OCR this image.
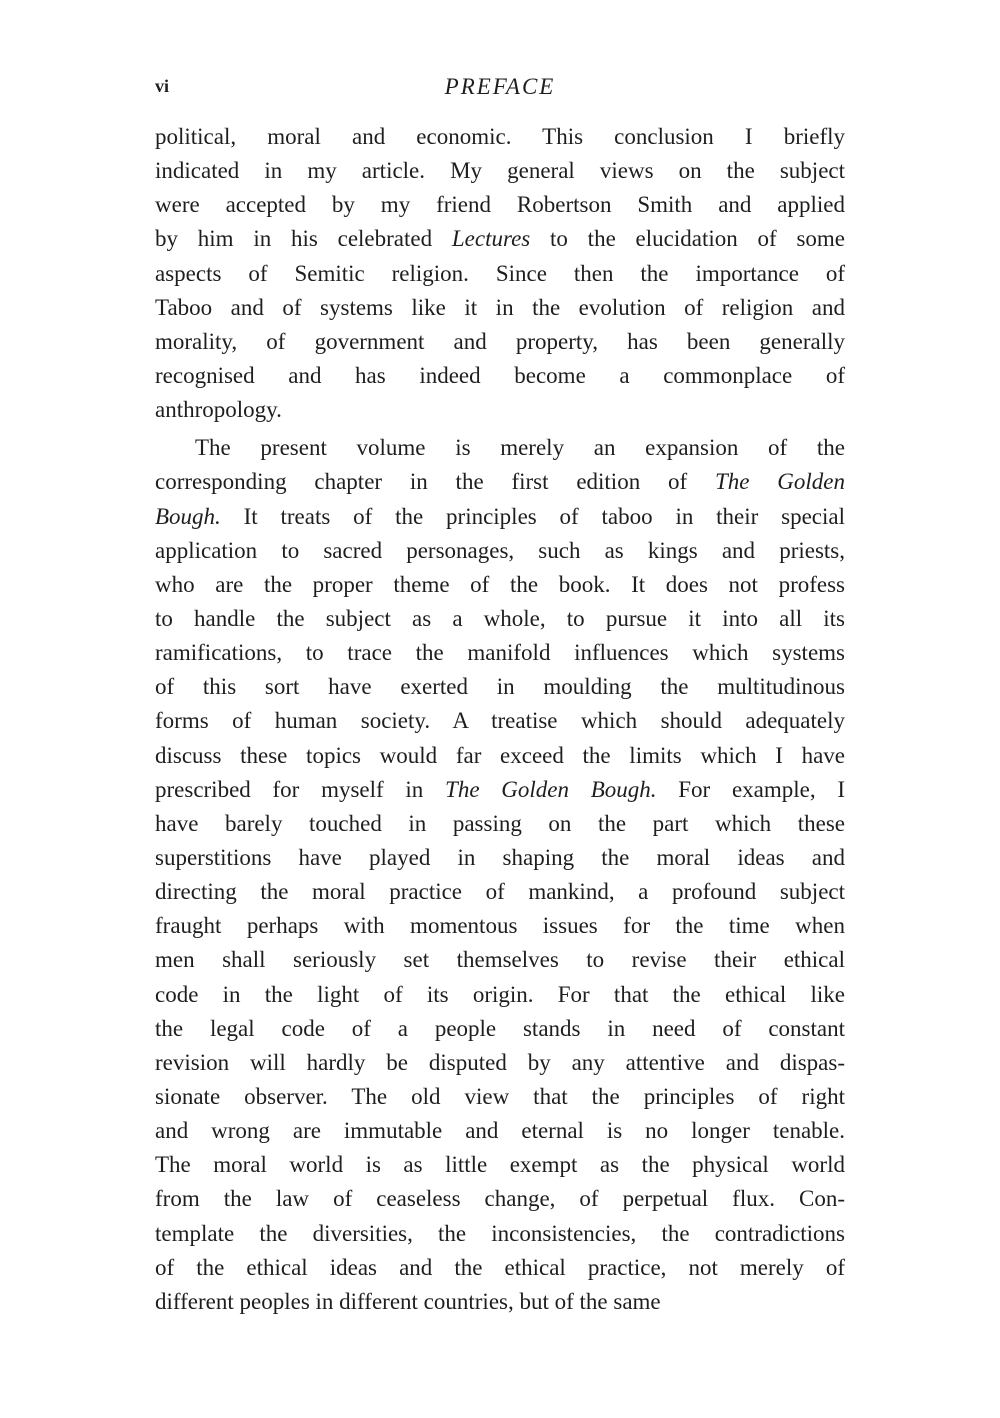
vi	PREFACE
political, moral and economic. This conclusion I briefly
indicated in my article. My general views on the subject
were accepted by my friend Robertson Smith and applied
by him in his celebrated Lectures to the elucidation of some
aspects of Semitic religion. Since then the importance of
Taboo and of systems like it in the evolution of religion and
morality, of government and property, has been generally
recognised and has indeed become a commonplace of
anthropology.
The present volume is merely an expansion of the
corresponding chapter in the first edition of The Golden
Bough. It treats of the principles of taboo in their special
application to sacred personages, such as kings and priests,
who are the proper theme of the book. It does not profess
to handle the subject as a whole, to pursue it into all its
ramifications, to trace the manifold influences which systems
of this sort have exerted in moulding the multitudinous
forms of human society. A treatise which should adequately
discuss these topics would far exceed the limits which I have
prescribed for myself in The Golden Bough. For example, I
have barely touched in passing on the part which these
superstitions have played in shaping the moral ideas and
directing the moral practice of mankind, a profound subject
fraught perhaps with momentous issues for the time when
men shall seriously set themselves to revise their ethical
code in the light of its origin. For that the ethical like
the legal code of a people stands in need of constant
revision will hardly be disputed by any attentive and dispas-
sionate observer. The old view that the principles of right
and wrong are immutable and eternal is no longer tenable.
The moral world is as little exempt as the physical world
from the law of ceaseless change, of perpetual flux. Con-
template the diversities, the inconsistencies, the contradictions
of the ethical ideas and the ethical practice, not merely of
different peoples in different countries, but of the same
